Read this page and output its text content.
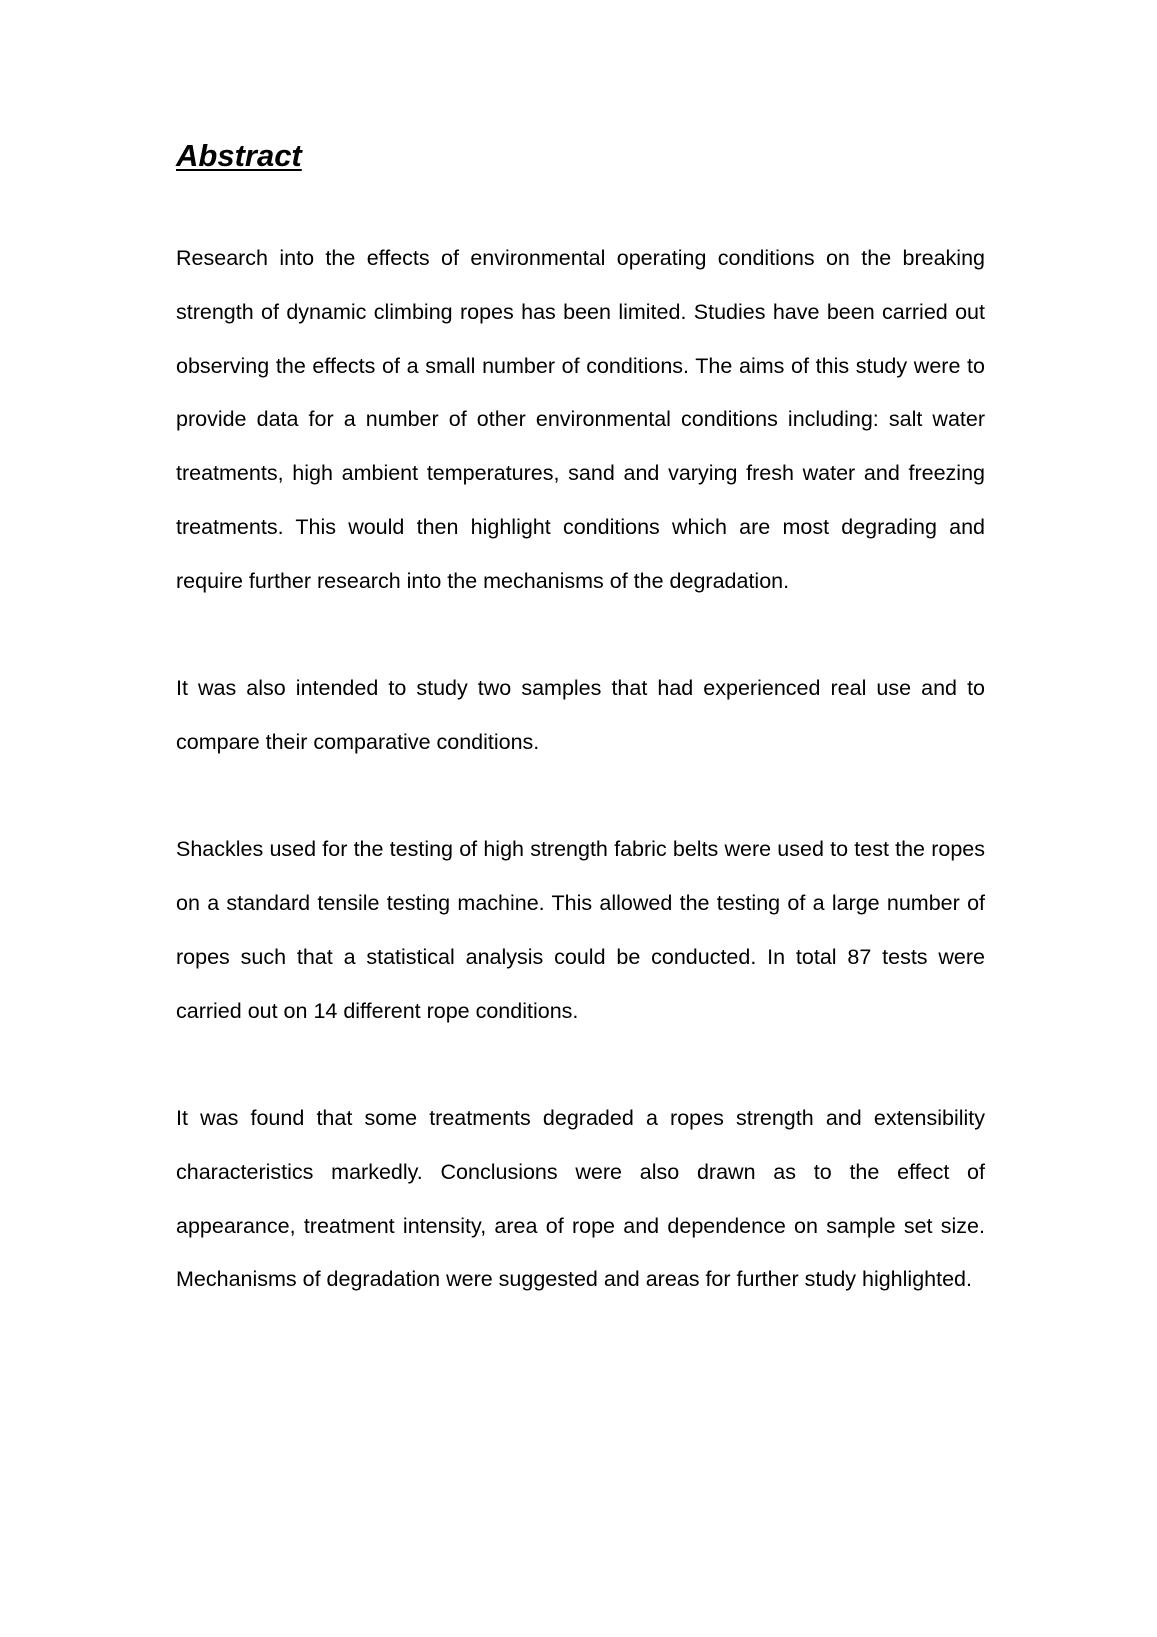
Abstract

Research into the effects of environmental operating conditions on the breaking strength of dynamic climbing ropes has been limited. Studies have been carried out observing the effects of a small number of conditions. The aims of this study were to provide data for a number of other environmental conditions including: salt water treatments, high ambient temperatures, sand and varying fresh water and freezing treatments. This would then highlight conditions which are most degrading and require further research into the mechanisms of the degradation.

It was also intended to study two samples that had experienced real use and to compare their comparative conditions.

Shackles used for the testing of high strength fabric belts were used to test the ropes on a standard tensile testing machine. This allowed the testing of a large number of ropes such that a statistical analysis could be conducted. In total 87 tests were carried out on 14 different rope conditions.

It was found that some treatments degraded a ropes strength and extensibility characteristics markedly. Conclusions were also drawn as to the effect of appearance, treatment intensity, area of rope and dependence on sample set size. Mechanisms of degradation were suggested and areas for further study highlighted.
